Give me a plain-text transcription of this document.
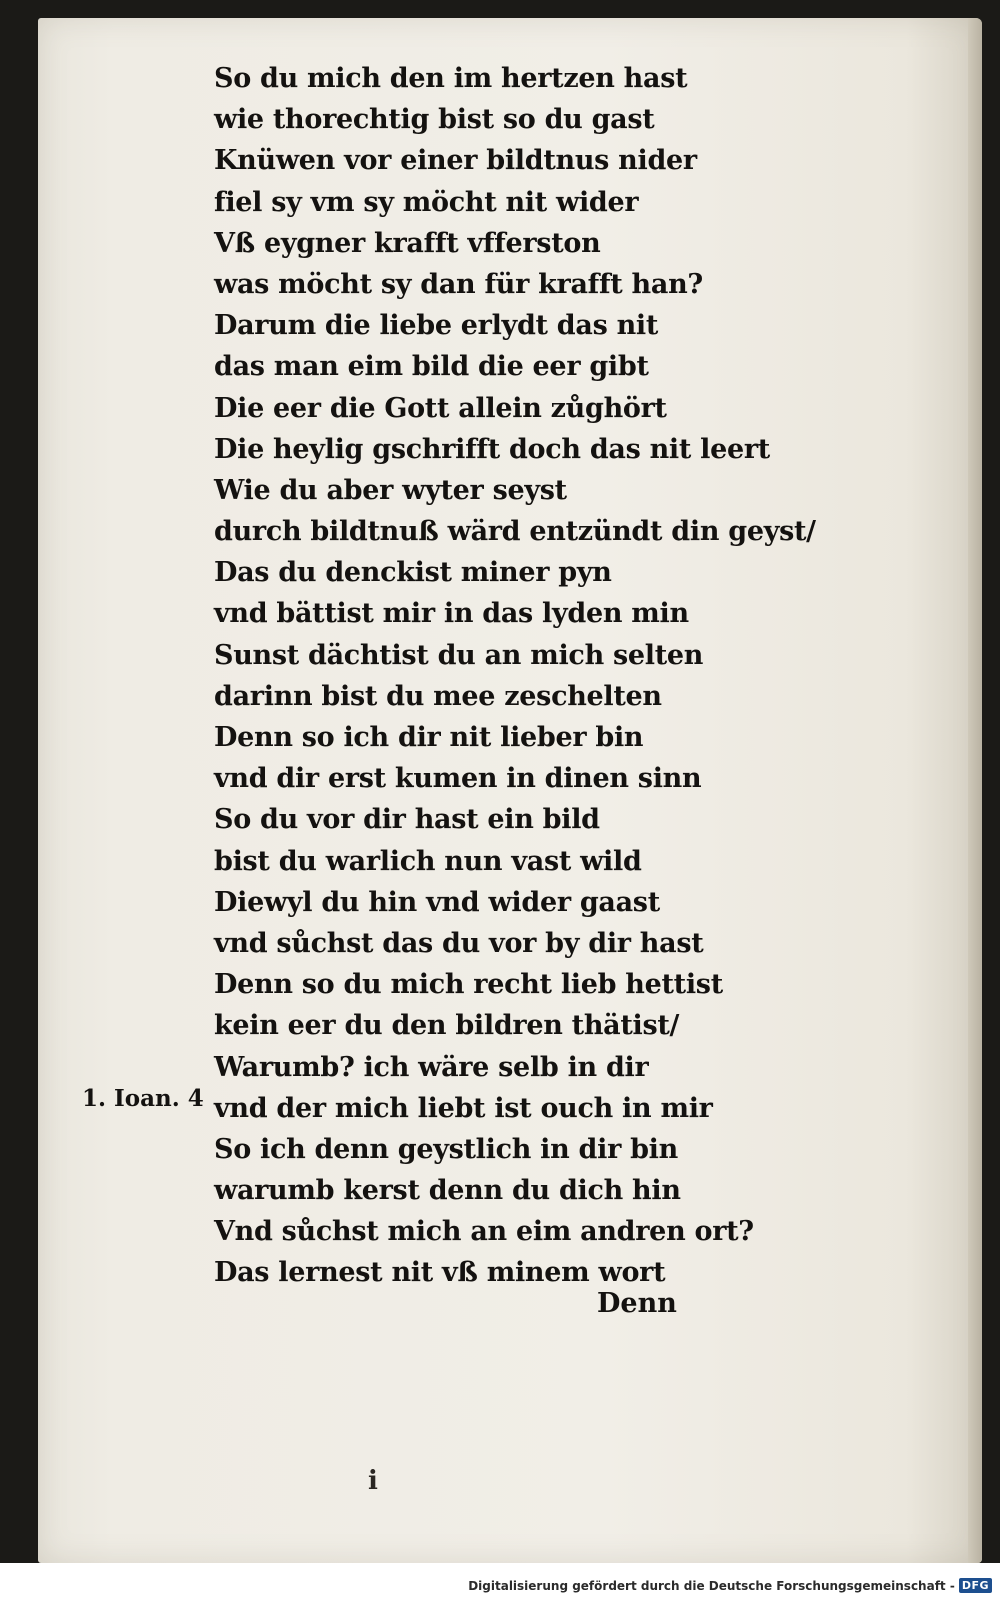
So du mich den im hertzen hast
wie thorechtig bist so du gast
Knüwen vor einer bildtnus nider
fiel sy vm sy möcht nit wider
Vß eygner krafft vfferston
was möcht sy dan für krafft han?
Darum die liebe erlydt das nit
das man eim bild die eer gibt
Die eer die Gott allein zůghört
Die heylig gschrifft doch das nit leert
Wie du aber wyter seyst
durch bildtnuß wärd entzündt din geyst/
Das du denckist miner pyn
vnd bättist mir in das lyden min
Sunst dächtist du an mich selten
darinn bist du mee zeschelten
Denn so ich dir nit lieber bin
vnd dir erst kumen in dinen sinn
So du vor dir hast ein bild
bist du warlich nun vast wild
Diewyl du hin vnd wider gaast
vnd sůchst das du vor by dir hast
Denn so du mich recht lieb hettist
kein eer du den bildren thätist/
Warumb? ich wäre selb in dir
vnd der mich liebt ist ouch in mir
So ich denn geystlich in dir bin
warumb kerst denn du dich hin
Vnd sůchst mich an eim andren ort?
Das lernest nit vß minem wort
1. Ioan. 4
Denn
i
Digitalisierung gefördert durch die Deutsche Forschungsgemeinschaft - DFG
